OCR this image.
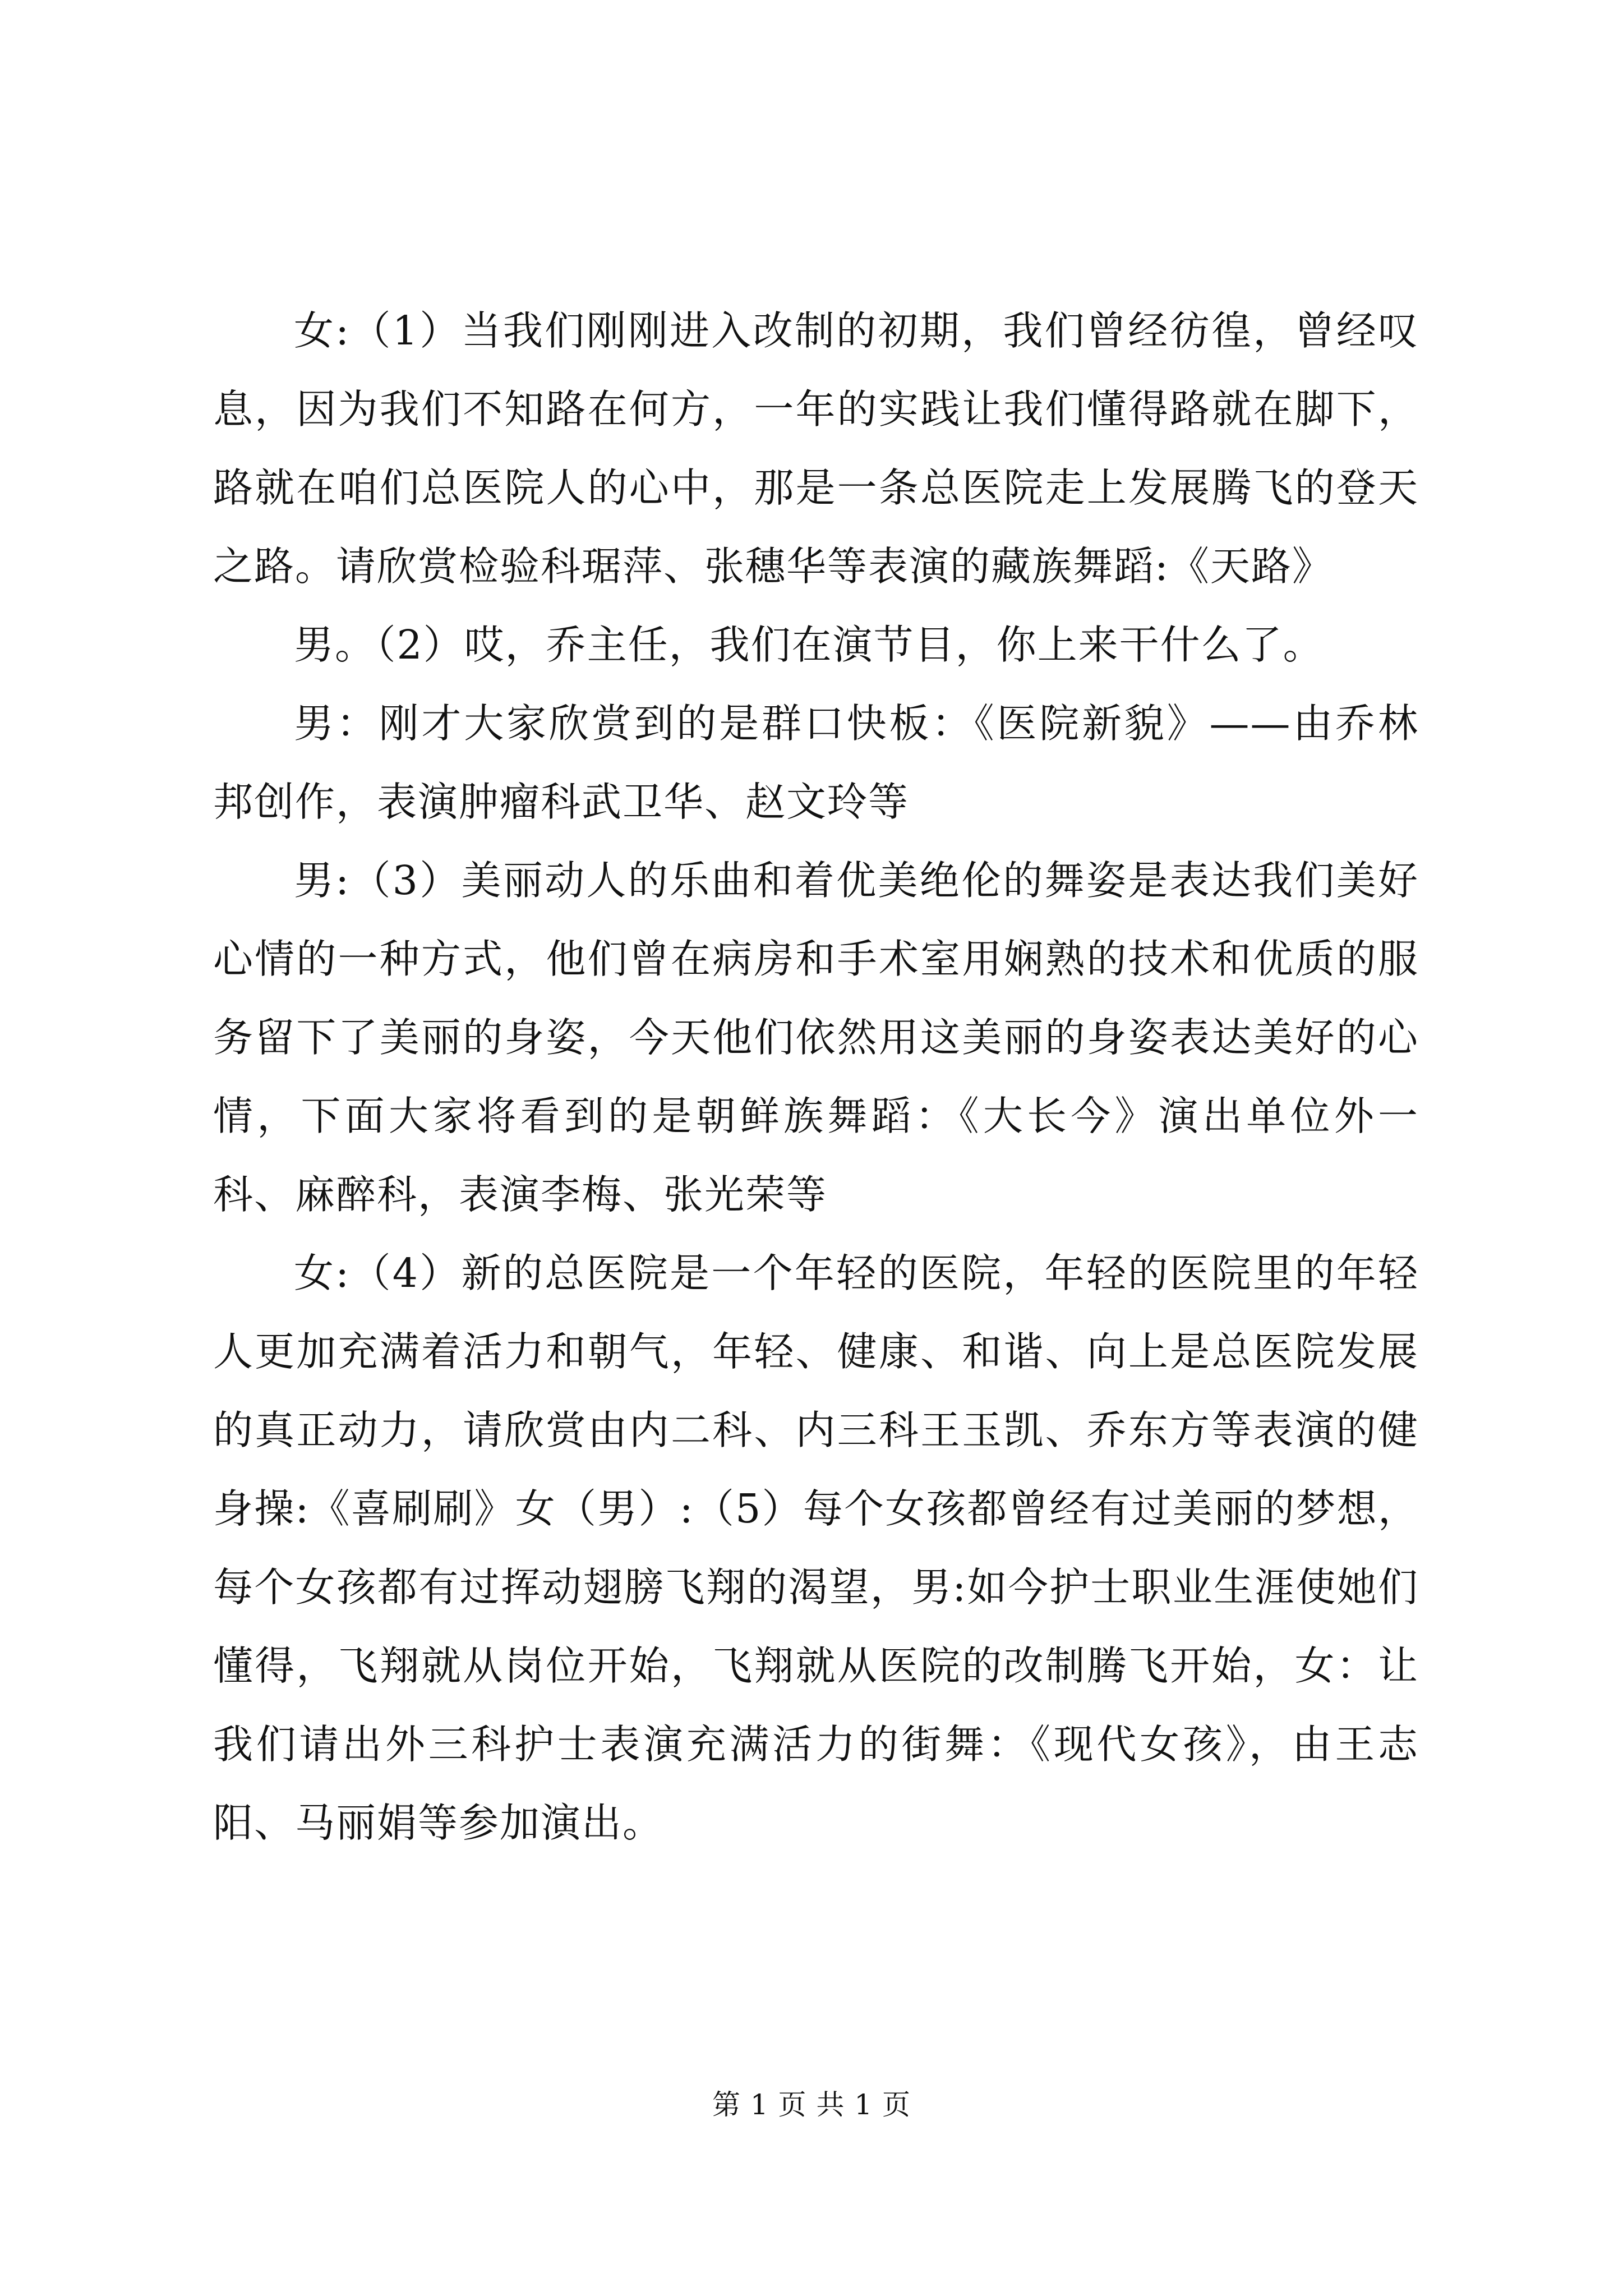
女:（1）当我们刚刚进入改制的初期，我们曾经彷徨，曾经叹息，因为我们不知路在何方，一年的实践让我们懂得路就在脚下，路就在咱们总医院人的心中，那是一条总医院走上发展腾飞的登天之路。请欣赏检验科琚萍、张穗华等表演的藏族舞蹈:《天路》

男。（2）哎，乔主任，我们在演节目，你上来干什么了。

男：刚才大家欣赏到的是群口快板：《医院新貌》——由乔林邦创作，表演肿瘤科武卫华、赵文玲等

男:（3）美丽动人的乐曲和着优美绝伦的舞姿是表达我们美好心情的一种方式，他们曾在病房和手术室用娴熟的技术和优质的服务留下了美丽的身姿，今天他们依然用这美丽的身姿表达美好的心情，下面大家将看到的是朝鲜族舞蹈：《大长今》演出单位外一科、麻醉科，表演李梅、张光荣等

女:（4）新的总医院是一个年轻的医院，年轻的医院里的年轻人更加充满着活力和朝气，年轻、健康、和谐、向上是总医院发展的真正动力，请欣赏由内二科、内三科王玉凯、乔东方等表演的健身操:《喜刷刷》女（男）:（5）每个女孩都曾经有过美丽的梦想，每个女孩都有过挥动翅膀飞翔的渴望，男:如今护士职业生涯使她们懂得，飞翔就从岗位开始，飞翔就从医院的改制腾飞开始，女：让我们请出外三科护士表演充满活力的街舞：《现代女孩》，由王志阳、马丽娟等参加演出。

第 1 页 共 1 页
